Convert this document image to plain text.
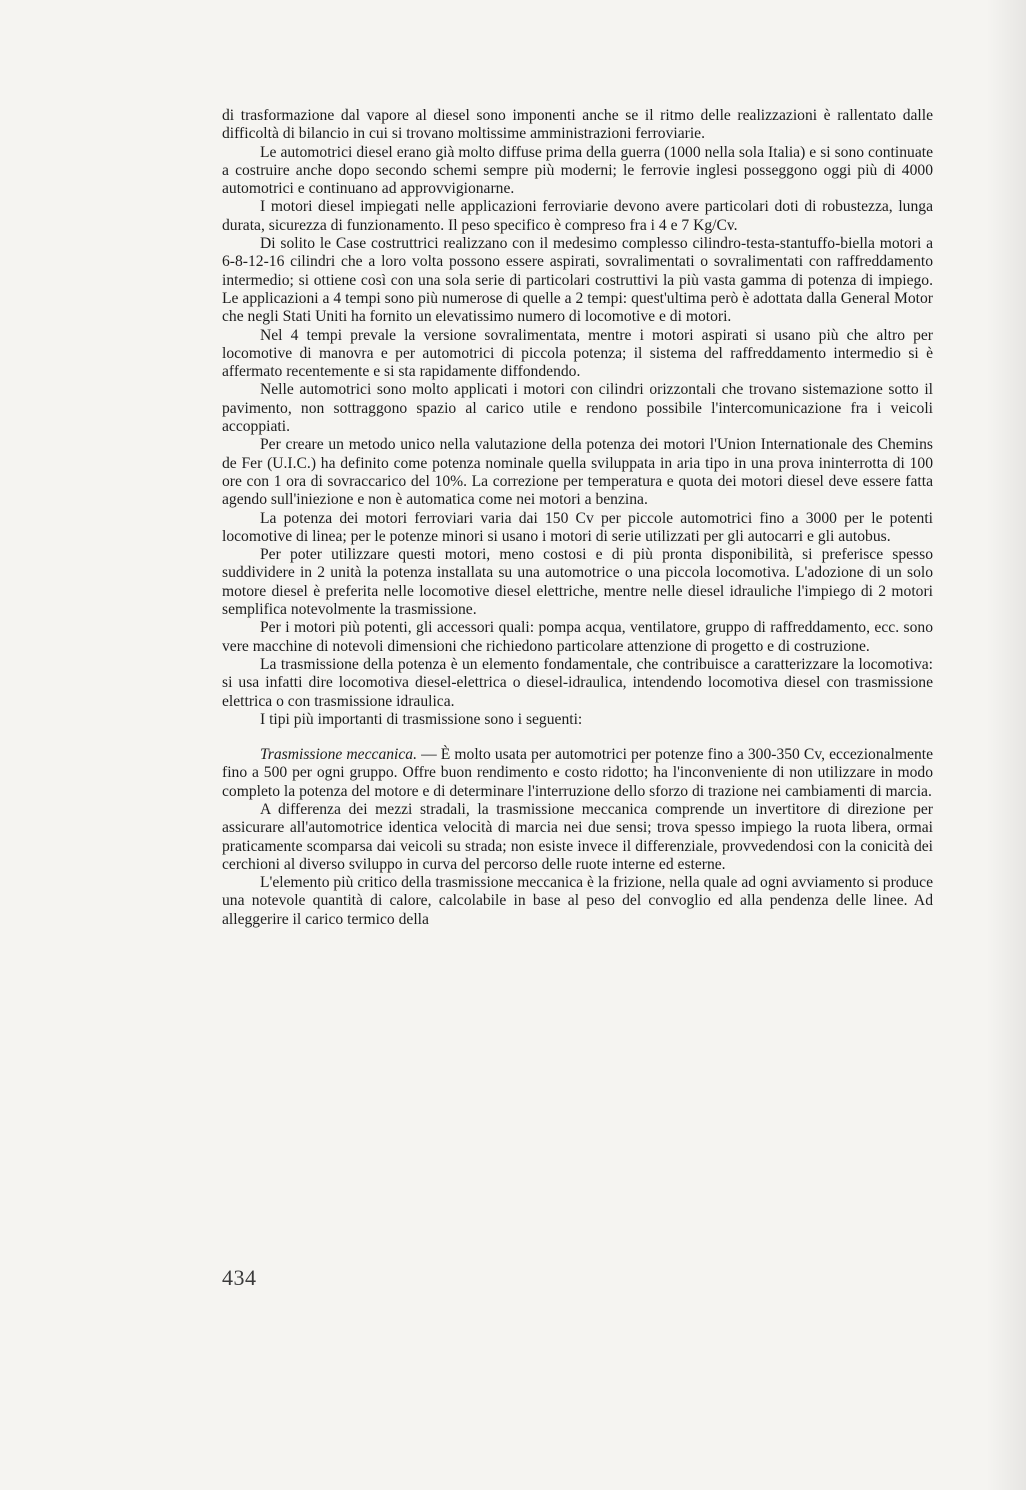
di trasformazione dal vapore al diesel sono imponenti anche se il ritmo delle realizzazioni è rallentato dalle difficoltà di bilancio in cui si trovano moltissime amministrazioni ferroviarie.

Le automotrici diesel erano già molto diffuse prima della guerra (1000 nella sola Italia) e si sono continuate a costruire anche dopo secondo schemi sempre più moderni; le ferrovie inglesi posseggono oggi più di 4000 automotrici e continuano ad approvvigionarne.

I motori diesel impiegati nelle applicazioni ferroviarie devono avere particolari doti di robustezza, lunga durata, sicurezza di funzionamento. Il peso specifico è compreso fra i 4 e 7 Kg/Cv.

Di solito le Case costruttrici realizzano con il medesimo complesso cilindro-testa-stantuffo-biella motori a 6-8-12-16 cilindri che a loro volta possono essere aspirati, sovralimentati o sovralimentati con raffreddamento intermedio; si ottiene così con una sola serie di particolari costruttivi la più vasta gamma di potenza di impiego. Le applicazioni a 4 tempi sono più numerose di quelle a 2 tempi: quest'ultima però è adottata dalla General Motor che negli Stati Uniti ha fornito un elevatissimo numero di locomotive e di motori.

Nel 4 tempi prevale la versione sovralimentata, mentre i motori aspirati si usano più che altro per locomotive di manovra e per automotrici di piccola potenza; il sistema del raffreddamento intermedio si è affermato recentemente e si sta rapidamente diffondendo.

Nelle automotrici sono molto applicati i motori con cilindri orizzontali che trovano sistemazione sotto il pavimento, non sottraggono spazio al carico utile e rendono possibile l'intercomunicazione fra i veicoli accoppiati.

Per creare un metodo unico nella valutazione della potenza dei motori l'Union Internationale des Chemins de Fer (U.I.C.) ha definito come potenza nominale quella sviluppata in aria tipo in una prova ininterrotta di 100 ore con 1 ora di sovraccarico del 10%. La correzione per temperatura e quota dei motori diesel deve essere fatta agendo sull'iniezione e non è automatica come nei motori a benzina.

La potenza dei motori ferroviari varia dai 150 Cv per piccole automotrici fino a 3000 per le potenti locomotive di linea; per le potenze minori si usano i motori di serie utilizzati per gli autocarri e gli autobus.

Per poter utilizzare questi motori, meno costosi e di più pronta disponibilità, si preferisce spesso suddividere in 2 unità la potenza installata su una automotrice o una piccola locomotiva. L'adozione di un solo motore diesel è preferita nelle locomotive diesel elettriche, mentre nelle diesel idrauliche l'impiego di 2 motori semplifica notevolmente la trasmissione.

Per i motori più potenti, gli accessori quali: pompa acqua, ventilatore, gruppo di raffreddamento, ecc. sono vere macchine di notevoli dimensioni che richiedono particolare attenzione di progetto e di costruzione.

La trasmissione della potenza è un elemento fondamentale, che contribuisce a caratterizzare la locomotiva: si usa infatti dire locomotiva diesel-elettrica o diesel-idraulica, intendendo locomotiva diesel con trasmissione elettrica o con trasmissione idraulica.

I tipi più importanti di trasmissione sono i seguenti:

Trasmissione meccanica. — È molto usata per automotrici per potenze fino a 300-350 Cv, eccezionalmente fino a 500 per ogni gruppo. Offre buon rendimento e costo ridotto; ha l'inconveniente di non utilizzare in modo completo la potenza del motore e di determinare l'interruzione dello sforzo di trazione nei cambiamenti di marcia.

A differenza dei mezzi stradali, la trasmissione meccanica comprende un invertitore di direzione per assicurare all'automotrice identica velocità di marcia nei due sensi; trova spesso impiego la ruota libera, ormai praticamente scomparsa dai veicoli su strada; non esiste invece il differenziale, provvedendosi con la conicità dei cerchioni al diverso sviluppo in curva del percorso delle ruote interne ed esterne.

L'elemento più critico della trasmissione meccanica è la frizione, nella quale ad ogni avviamento si produce una notevole quantità di calore, calcolabile in base al peso del convoglio ed alla pendenza delle linee. Ad alleggerire il carico termico della

434
